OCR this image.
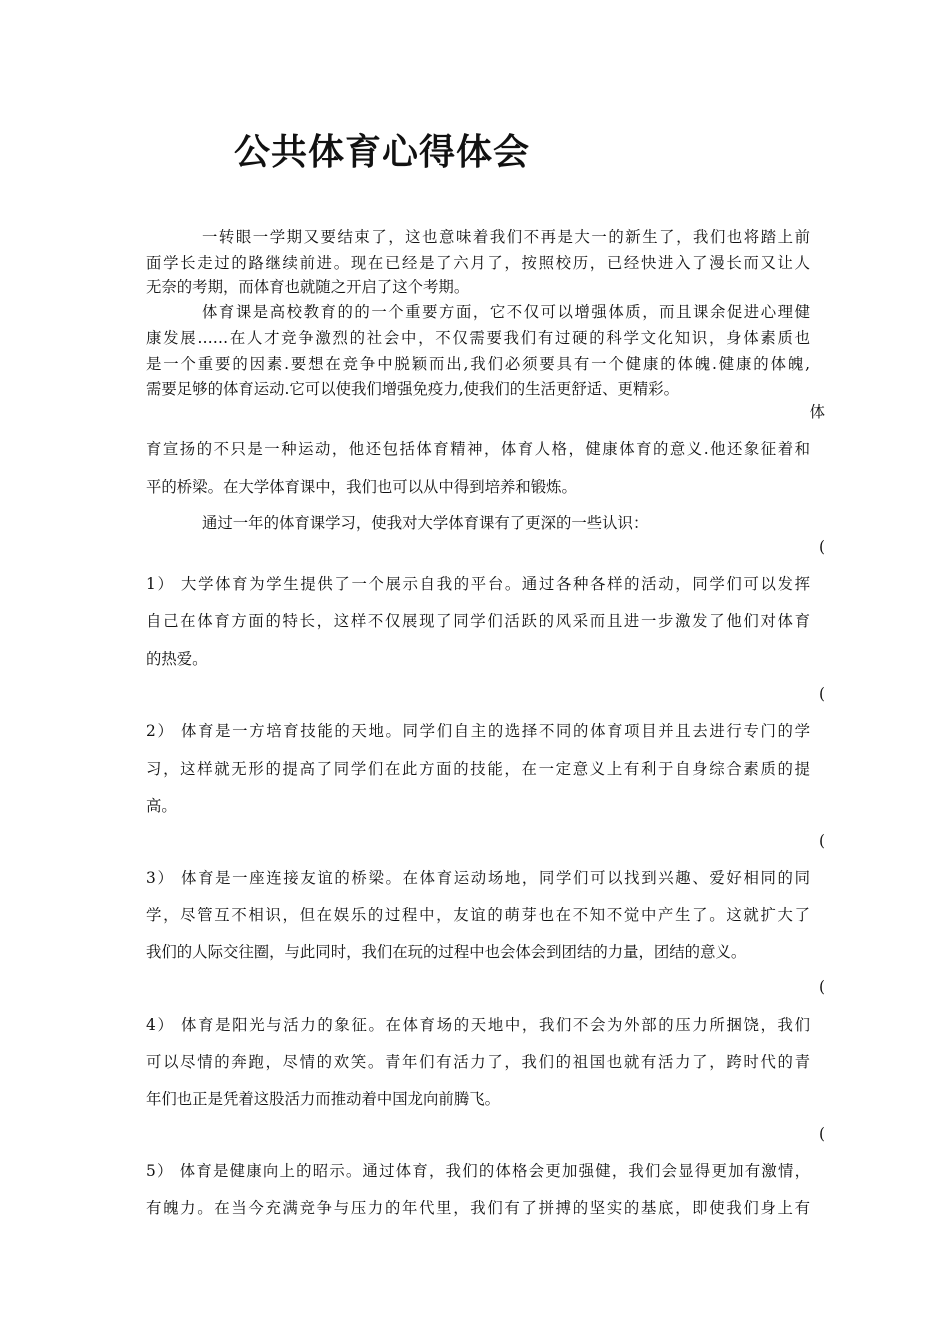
公共体育心得体会
一转眼一学期又要结束了，这也意味着我们不再是大一的新生了，我们也将踏上前
面学长走过的路继续前进。现在已经是了六月了，按照校历，已经快进入了漫长而又让人
无奈的考期，而体育也就随之开启了这个考期。
体育课是高校教育的的一个重要方面，它不仅可以增强体质，而且课余促进心理健
康发展……在人才竞争激烈的社会中，不仅需要我们有过硬的科学文化知识，身体素质也
是一个重要的因素.要想在竞争中脱颖而出,我们必须要具有一个健康的体魄.健康的体魄,
需要足够的体育运动.它可以使我们增强免疫力,使我们的生活更舒适、更精彩。
体
育宣扬的不只是一种运动，他还包括体育精神，体育人格，健康体育的意义.他还象征着和
平的桥梁。在大学体育课中，我们也可以从中得到培养和锻炼。
通过一年的体育课学习，使我对大学体育课有了更深的一些认识：
(
1） 大学体育为学生提供了一个展示自我的平台。通过各种各样的活动，同学们可以发挥
自己在体育方面的特长，这样不仅展现了同学们活跃的风采而且进一步激发了他们对体育
的热爱。
(
2） 体育是一方培育技能的天地。同学们自主的选择不同的体育项目并且去进行专门的学
习，这样就无形的提高了同学们在此方面的技能，在一定意义上有利于自身综合素质的提
高。
(
3） 体育是一座连接友谊的桥梁。在体育运动场地，同学们可以找到兴趣、爱好相同的同
学，尽管互不相识，但在娱乐的过程中，友谊的萌芽也在不知不觉中产生了。这就扩大了
我们的人际交往圈，与此同时，我们在玩的过程中也会体会到团结的力量，团结的意义。
(
4） 体育是阳光与活力的象征。在体育场的天地中，我们不会为外部的压力所捆饶，我们
可以尽情的奔跑，尽情的欢笑。青年们有活力了，我们的祖国也就有活力了，跨时代的青
年们也正是凭着这股活力而推动着中国龙向前腾飞。
(
5） 体育是健康向上的昭示。通过体育，我们的体格会更加强健，我们会显得更加有激情，
有魄力。在当今充满竞争与压力的年代里，我们有了拼搏的坚实的基底，即使我们身上有
